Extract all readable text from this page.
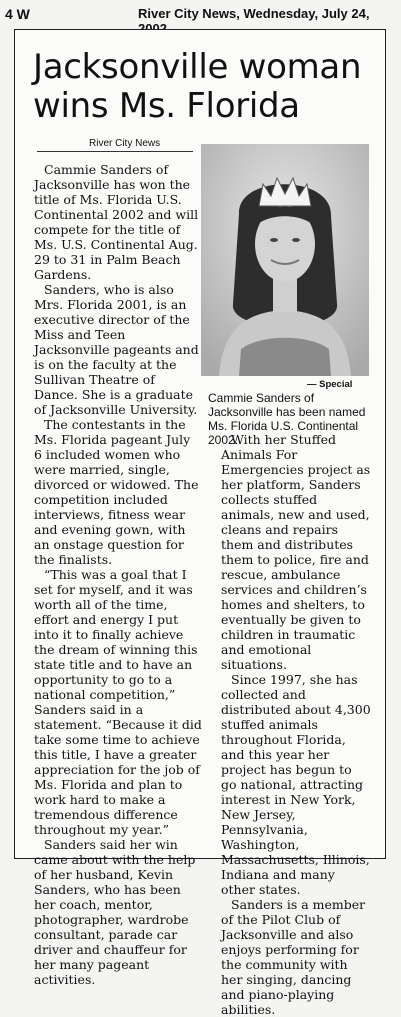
4 W	River City News, Wednesday, July 24,
Jacksonville woman wins Ms. Florida
River City News

Cammie Sanders of Jacksonville has won the title of Ms. Florida U.S. Continental 2002 and will compete for the title of Ms. U.S. Continental Aug. 29 to 31 in Palm Beach Gardens.

Sanders, who is also Mrs. Florida 2001, is an executive director of the Miss and Teen Jacksonville pageants and is on the faculty at the Sullivan Theatre of Dance. She is a graduate of Jacksonville University.

The contestants in the Ms. Florida pageant July 6 included women who were married, single, divorced or widowed. The competition included interviews, fitness wear and evening gown, with an onstage question for the finalists.

“This was a goal that I set for myself, and it was worth all of the time, effort and energy I put into it to finally achieve the dream of winning this state title and to have an opportunity to go to a national competition,” Sanders said in a statement. “Because it did take some time to achieve this title, I have a greater appreciation for the job of Ms. Florida and plan to work hard to make a tremendous difference throughout my year.”

Sanders said her win came about with the help of her husband, Kevin Sanders, who has been her coach, mentor, photographer, wardrobe consultant, parade car driver and chauffeur for her many pageant activities.

— Special
Cammie Sanders of Jacksonville has been named Ms. Florida U.S. Continental 2002.

With her Stuffed Animals For Emergencies project as her platform, Sanders collects stuffed animals, new and used, cleans and repairs them and distributes them to police, fire and rescue, ambulance services and children’s homes and shelters, to eventually be given to children in traumatic and emotional situations.

Since 1997, she has collected and distributed about 4,300 stuffed animals throughout Florida, and this year her project has begun to go national, attracting interest in New York, New Jersey, Pennsylvania, Washington, Massachusetts, Illinois, Indiana and many other states.

Sanders is a member of the Pilot Club of Jacksonville and also enjoys performing for the community with her singing, dancing and piano-playing abilities.
